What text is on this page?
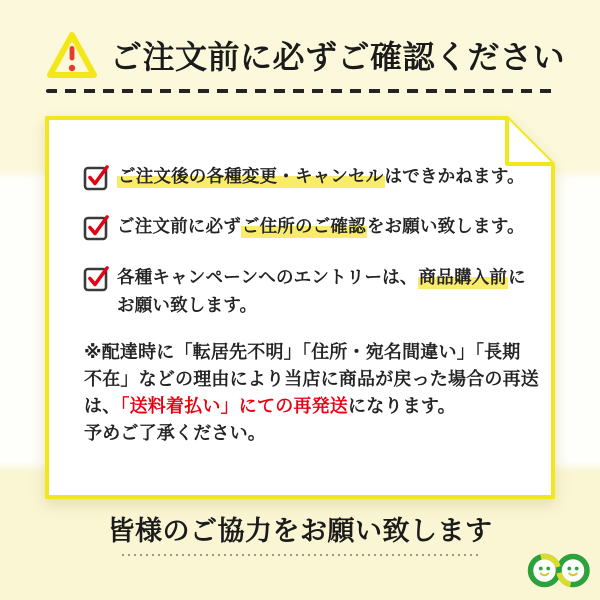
ご注文前に必ずご確認ください
ご注文後の各種変更・キャンセルはできかねます。
ご注文前に必ずご住所のご確認をお願い致します。
各種キャンペーンへのエントリーは、商品購入前に
お願い致します。
※配達時に「転居先不明」「住所・宛名間違い」「長期
不在」などの理由により当店に商品が戻った場合の再送
は、「送料着払い」にての再発送になります。
予めご了承ください。
皆様のご協力をお願い致します
